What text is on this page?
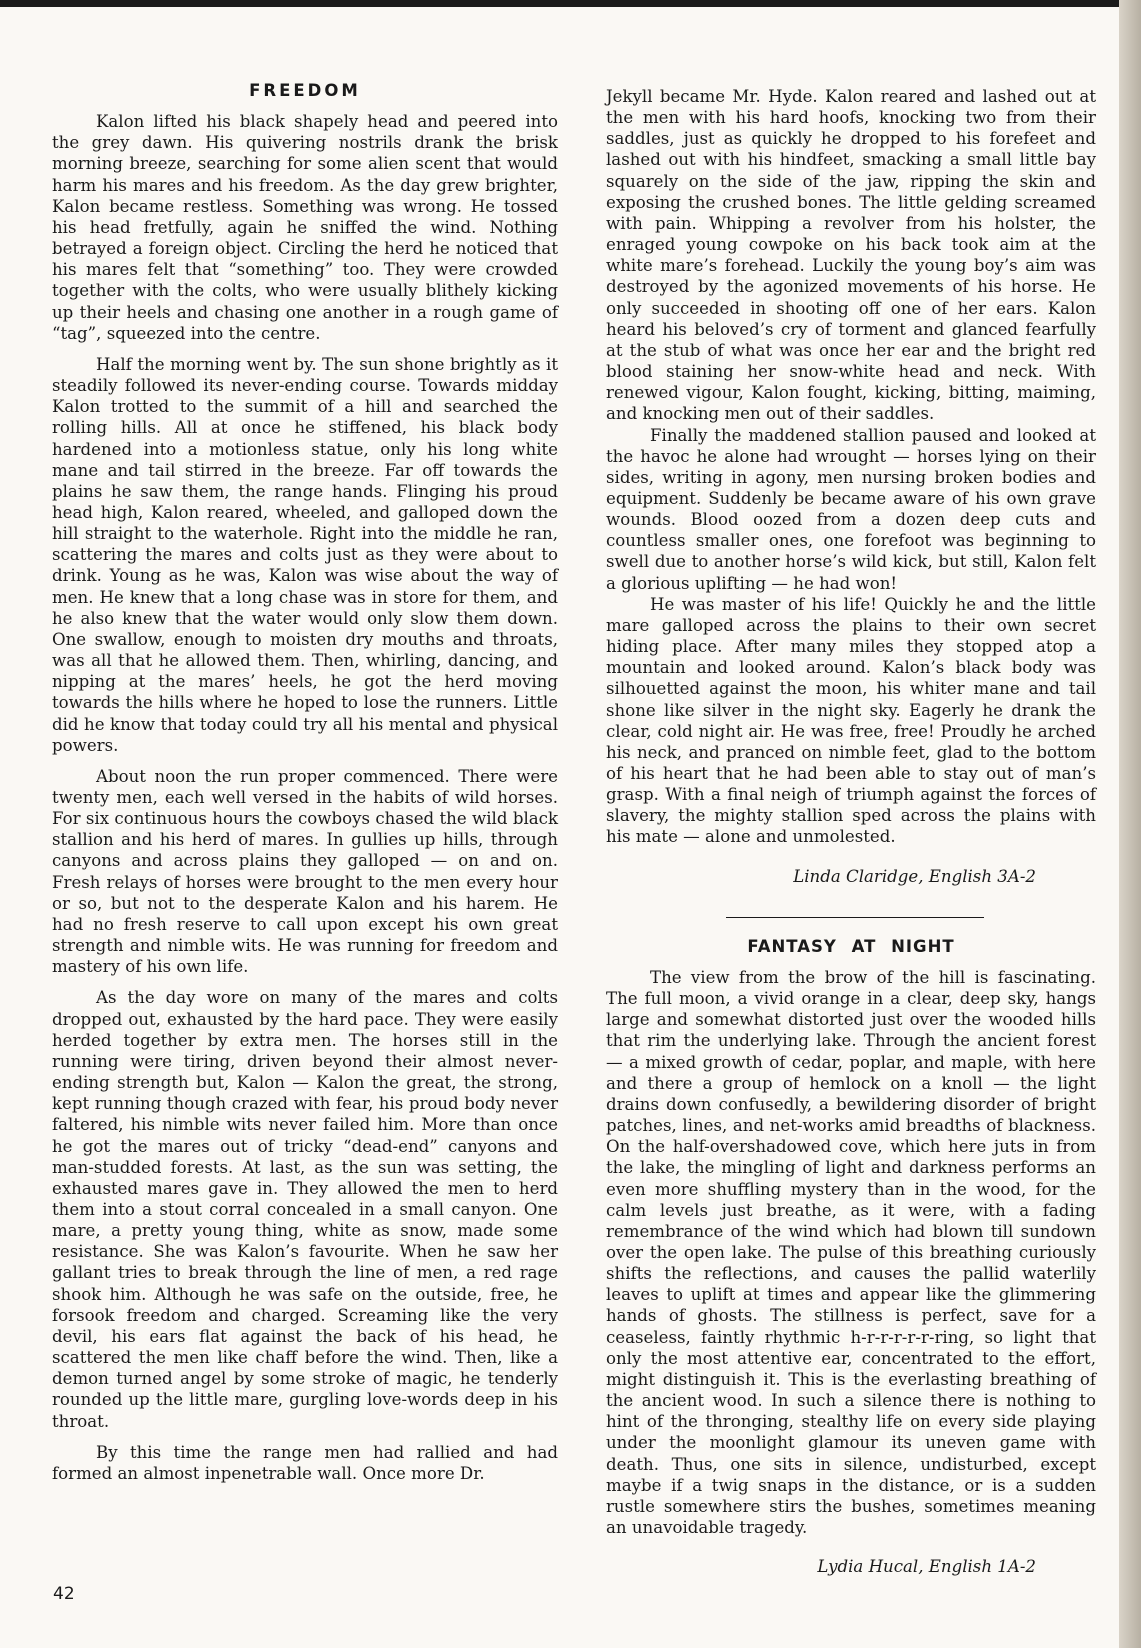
FREEDOM

Kalon lifted his black shapely head and peered into the grey dawn. His quivering nostrils drank the brisk morning breeze, searching for some alien scent that would harm his mares and his freedom. As the day grew brighter, Kalon became restless. Something was wrong. He tossed his head fretfully, again he sniffed the wind. Nothing betrayed a foreign object. Circling the herd he noticed that his mares felt that “something” too. They were crowded together with the colts, who were usually blithely kicking up their heels and chasing one another in a rough game of “tag”, squeezed into the centre.

Half the morning went by. The sun shone brightly as it steadily followed its never-ending course. Towards midday Kalon trotted to the summit of a hill and searched the rolling hills. All at once he stiffened, his black body hardened into a motionless statue, only his long white mane and tail stirred in the breeze. Far off towards the plains he saw them, the range hands. Flinging his proud head high, Kalon reared, wheeled, and galloped down the hill straight to the waterhole. Right into the middle he ran, scattering the mares and colts just as they were about to drink. Young as he was, Kalon was wise about the way of men. He knew that a long chase was in store for them, and he also knew that the water would only slow them down. One swallow, enough to moisten dry mouths and throats, was all that he allowed them. Then, whirling, dancing, and nipping at the mares’ heels, he got the herd moving towards the hills where he hoped to lose the runners. Little did he know that today could try all his mental and physical powers.

About noon the run proper commenced. There were twenty men, each well versed in the habits of wild horses. For six continuous hours the cowboys chased the wild black stallion and his herd of mares. In gullies up hills, through canyons and across plains they galloped — on and on. Fresh relays of horses were brought to the men every hour or so, but not to the desperate Kalon and his harem. He had no fresh reserve to call upon except his own great strength and nimble wits. He was running for freedom and mastery of his own life.

As the day wore on many of the mares and colts dropped out, exhausted by the hard pace. They were easily herded together by extra men. The horses still in the running were tiring, driven beyond their almost never-ending strength but, Kalon — Kalon the great, the strong, kept running though crazed with fear, his proud body never faltered, his nimble wits never failed him. More than once he got the mares out of tricky “dead-end” canyons and man-studded forests. At last, as the sun was setting, the exhausted mares gave in. They allowed the men to herd them into a stout corral concealed in a small canyon. One mare, a pretty young thing, white as snow, made some resistance. She was Kalon’s favourite. When he saw her gallant tries to break through the line of men, a red rage shook him. Although he was safe on the outside, free, he forsook freedom and charged. Screaming like the very devil, his ears flat against the back of his head, he scattered the men like chaff before the wind. Then, like a demon turned angel by some stroke of magic, he tenderly rounded up the little mare, gurgling love-words deep in his throat.

By this time the range men had rallied and had formed an almost inpenetrable wall. Once more Dr.

Jekyll became Mr. Hyde. Kalon reared and lashed out at the men with his hard hoofs, knocking two from their saddles, just as quickly he dropped to his forefeet and lashed out with his hindfeet, smacking a small little bay squarely on the side of the jaw, ripping the skin and exposing the crushed bones. The little gelding screamed with pain. Whipping a revolver from his holster, the enraged young cowpoke on his back took aim at the white mare’s forehead. Luckily the young boy’s aim was destroyed by the agonized movements of his horse. He only succeeded in shooting off one of her ears. Kalon heard his beloved’s cry of torment and glanced fearfully at the stub of what was once her ear and the bright red blood staining her snow-white head and neck. With renewed vigour, Kalon fought, kicking, bitting, maiming, and knocking men out of their saddles.

Finally the maddened stallion paused and looked at the havoc he alone had wrought — horses lying on their sides, writing in agony, men nursing broken bodies and equipment. Suddenly be became aware of his own grave wounds. Blood oozed from a dozen deep cuts and countless smaller ones, one forefoot was beginning to swell due to another horse’s wild kick, but still, Kalon felt a glorious uplifting — he had won!

He was master of his life! Quickly he and the little mare galloped across the plains to their own secret hiding place. After many miles they stopped atop a mountain and looked around. Kalon’s black body was silhouetted against the moon, his whiter mane and tail shone like silver in the night sky. Eagerly he drank the clear, cold night air. He was free, free! Proudly he arched his neck, and pranced on nimble feet, glad to the bottom of his heart that he had been able to stay out of man’s grasp. With a final neigh of triumph against the forces of slavery, the mighty stallion sped across the plains with his mate — alone and unmolested.

Linda Claridge, English 3A-2

FANTASY AT NIGHT

The view from the brow of the hill is fascinating. The full moon, a vivid orange in a clear, deep sky, hangs large and somewhat distorted just over the wooded hills that rim the underlying lake. Through the ancient forest — a mixed growth of cedar, poplar, and maple, with here and there a group of hemlock on a knoll — the light drains down confusedly, a bewildering disorder of bright patches, lines, and net-works amid breadths of blackness. On the half-overshadowed cove, which here juts in from the lake, the mingling of light and darkness performs an even more shuffling mystery than in the wood, for the calm levels just breathe, as it were, with a fading remembrance of the wind which had blown till sundown over the open lake. The pulse of this breathing curiously shifts the reflections, and causes the pallid waterlily leaves to uplift at times and appear like the glimmering hands of ghosts. The stillness is perfect, save for a ceaseless, faintly rhythmic h-r-r-r-r-r-ring, so light that only the most attentive ear, concentrated to the effort, might distinguish it. This is the everlasting breathing of the ancient wood. In such a silence there is nothing to hint of the thronging, stealthy life on every side playing under the moonlight glamour its uneven game with death. Thus, one sits in silence, undisturbed, except maybe if a twig snaps in the distance, or is a sudden rustle somewhere stirs the bushes, sometimes meaning an unavoidable tragedy.

Lydia Hucal, English 1A-2

42
